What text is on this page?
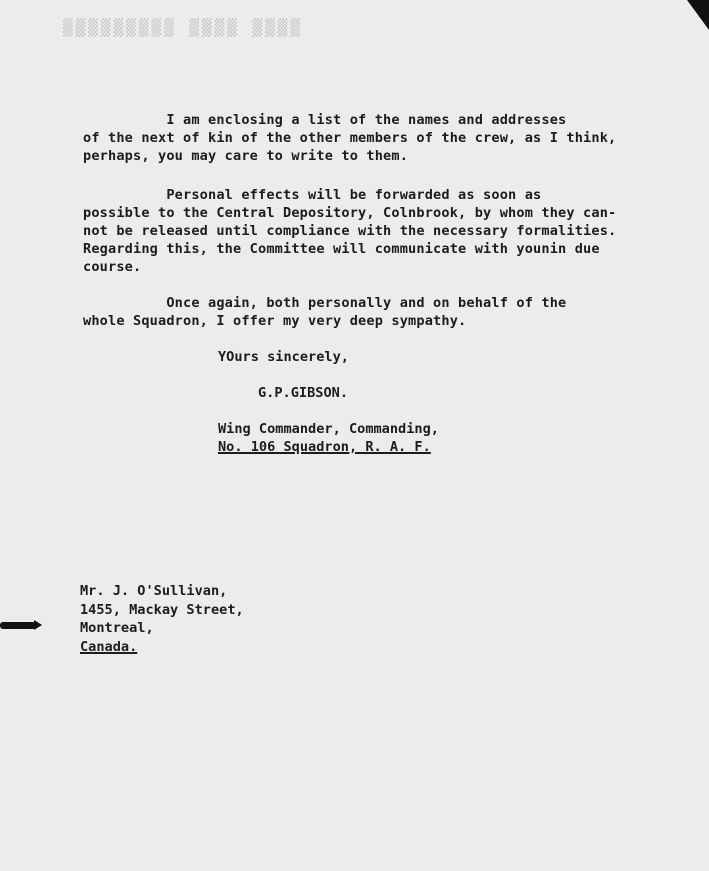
▒▒▒▒ ▒▒▒▒ ▒▒▒▒▒▒▒▒▒
I am enclosing a list of the names and addresses
of the next of kin of the other members of the crew, as I think,
perhaps, you may care to write to them.
Personal effects will be forwarded as soon as
possible to the Central Depository, Colnbrook, by whom they can-
not be released until compliance with the necessary formalities.
Regarding this, the Committee will communicate with younin due
course.
Once again, both personally and on behalf of the
whole Squadron, I offer my very deep sympathy.
YOurs sincerely,
G.P.GIBSON.
Wing Commander, Commanding,
No. 106 Squadron, R. A. F.
Mr. J. O'Sullivan,
1455, Mackay Street,
Montreal,
Canada.
